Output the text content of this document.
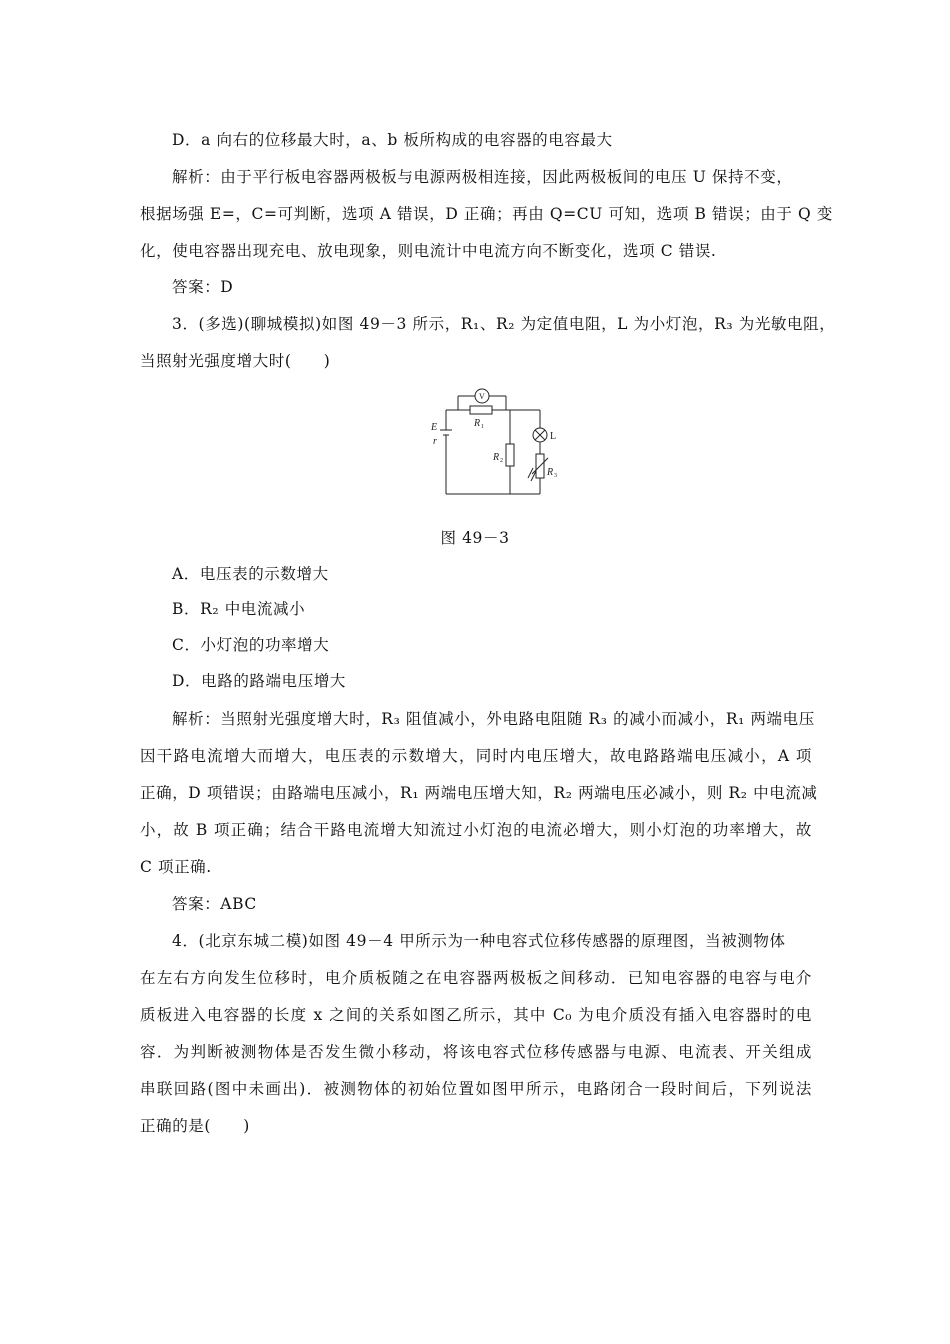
D．a 向右的位移最大时，a、b 板所构成的电容器的电容最大
解析：由于平行板电容器两极板与电源两极相连接，因此两极板间的电压 U 保持不变，
根据场强 E=，C=可判断，选项 A 错误，D 正确；再由 Q=CU 可知，选项 B 错误；由于 Q 变
化，使电容器出现充电、放电现象，则电流计中电流方向不断变化，选项 C 错误.
答案：D
3．(多选)(聊城模拟)如图 49－3 所示，R₁、R₂ 为定值电阻，L 为小灯泡，R₃ 为光敏电阻，
当照射光强度增大时(　　)
V
E
r
R 1
R 2
R 3
L
图 49－3
A．电压表的示数增大
B．R₂ 中电流减小
C．小灯泡的功率增大
D．电路的路端电压增大
解析：当照射光强度增大时，R₃ 阻值减小，外电路电阻随 R₃ 的减小而减小，R₁ 两端电压
因干路电流增大而增大，电压表的示数增大，同时内电压增大，故电路路端电压减小，A 项
正确，D 项错误；由路端电压减小，R₁ 两端电压增大知，R₂ 两端电压必减小，则 R₂ 中电流减
小，故 B 项正确；结合干路电流增大知流过小灯泡的电流必增大，则小灯泡的功率增大，故
C 项正确.
答案：ABC
4．(北京东城二模)如图 49－4 甲所示为一种电容式位移传感器的原理图，当被测物体
在左右方向发生位移时，电介质板随之在电容器两极板之间移动．已知电容器的电容与电介
质板进入电容器的长度 x 之间的关系如图乙所示，其中 C₀ 为电介质没有插入电容器时的电
容．为判断被测物体是否发生微小移动，将该电容式位移传感器与电源、电流表、开关组成
串联回路(图中未画出)．被测物体的初始位置如图甲所示，电路闭合一段时间后，下列说法
正确的是(　　)
